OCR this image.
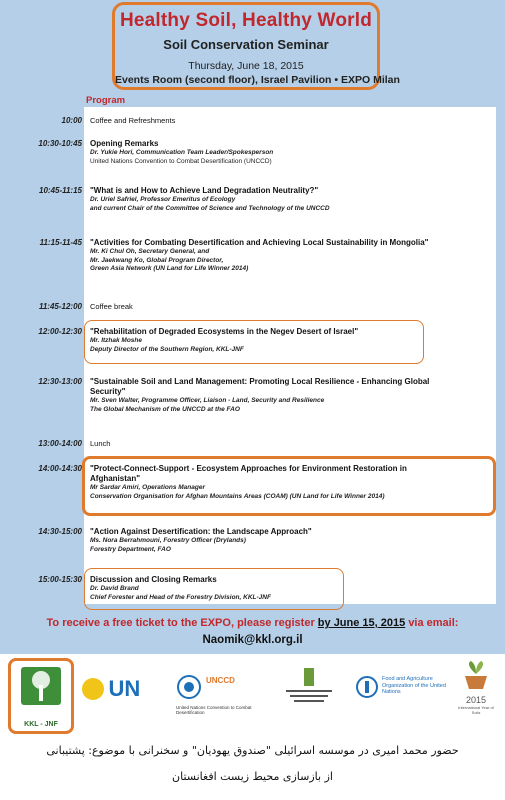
Healthy Soil, Healthy World
Soil Conservation Seminar
Thursday, June 18, 2015
Events Room (second floor), Israel Pavilion • EXPO Milan
Program
10:00 Coffee and Refreshments
10:30-10:45 Opening Remarks
Dr. Yukie Hori, Communication Team Leader/Spokesperson
United Nations Convention to Combat Desertification (UNCCD)
10:45-11:15 "What is and How to Achieve Land Degradation Neutrality?"
Dr. Uriel Safriel, Professor Emeritus of Ecology
and current Chair of the Committee of Science and Technology of the UNCCD
11:15-11-45 "Activities for Combating Desertification and Achieving Local Sustainability in Mongolia"
Mr. Ki Chul Oh, Secretary General, and
Mr. Jaekwang Ko, Global Program Director,
Green Asia Network (UN Land for Life Winner 2014)
11:45-12:00 Coffee break
12:00-12:30 "Rehabilitation of Degraded Ecosystems in the Negev Desert of Israel"
Mr. Itzhak Moshe
Deputy Director of the Southern Region, KKL-JNF
12:30-13:00 "Sustainable Soil and Land Management: Promoting Local Resilience - Enhancing Global
Security"
Mr. Sven Walter, Programme Officer, Liaison - Land, Security and Resilience
The Global Mechanism of the UNCCD at the FAO
13:00-14:00 Lunch
14:00-14:30 "Protect-Connect-Support - Ecosystem Approaches for Environment Restoration in
Afghanistan"
Mr Sardar Amiri, Operations Manager
Conservation Organisation for Afghan Mountains Areas (COAM) (UN Land for Life Winner 2014)
14:30-15:00 "Action Against Desertification: the Landscape Approach"
Ms. Nora Berrahmouni, Forestry Officer (Drylands)
Forestry Department, FAO
15:00-15:30 Discussion and Closing Remarks
Dr. David Brand
Chief Forester and Head of the Forestry Division, KKL-JNF
To receive a free ticket to the EXPO, please register by June 15, 2015 via email:
Naomik@kkl.org.il
KKL - JNF
UN	UNCCD
United Nations Convention to Combat Desertification
Food and Agriculture Organization of the United Nations
2015
International Year of Soils
حضور محمد امیری در موسسه اسرائیلی "صندوق یهودیان" و سخنرانی با موضوع: پشتیبانی
از بازسازی محیط زیست افغانستان
